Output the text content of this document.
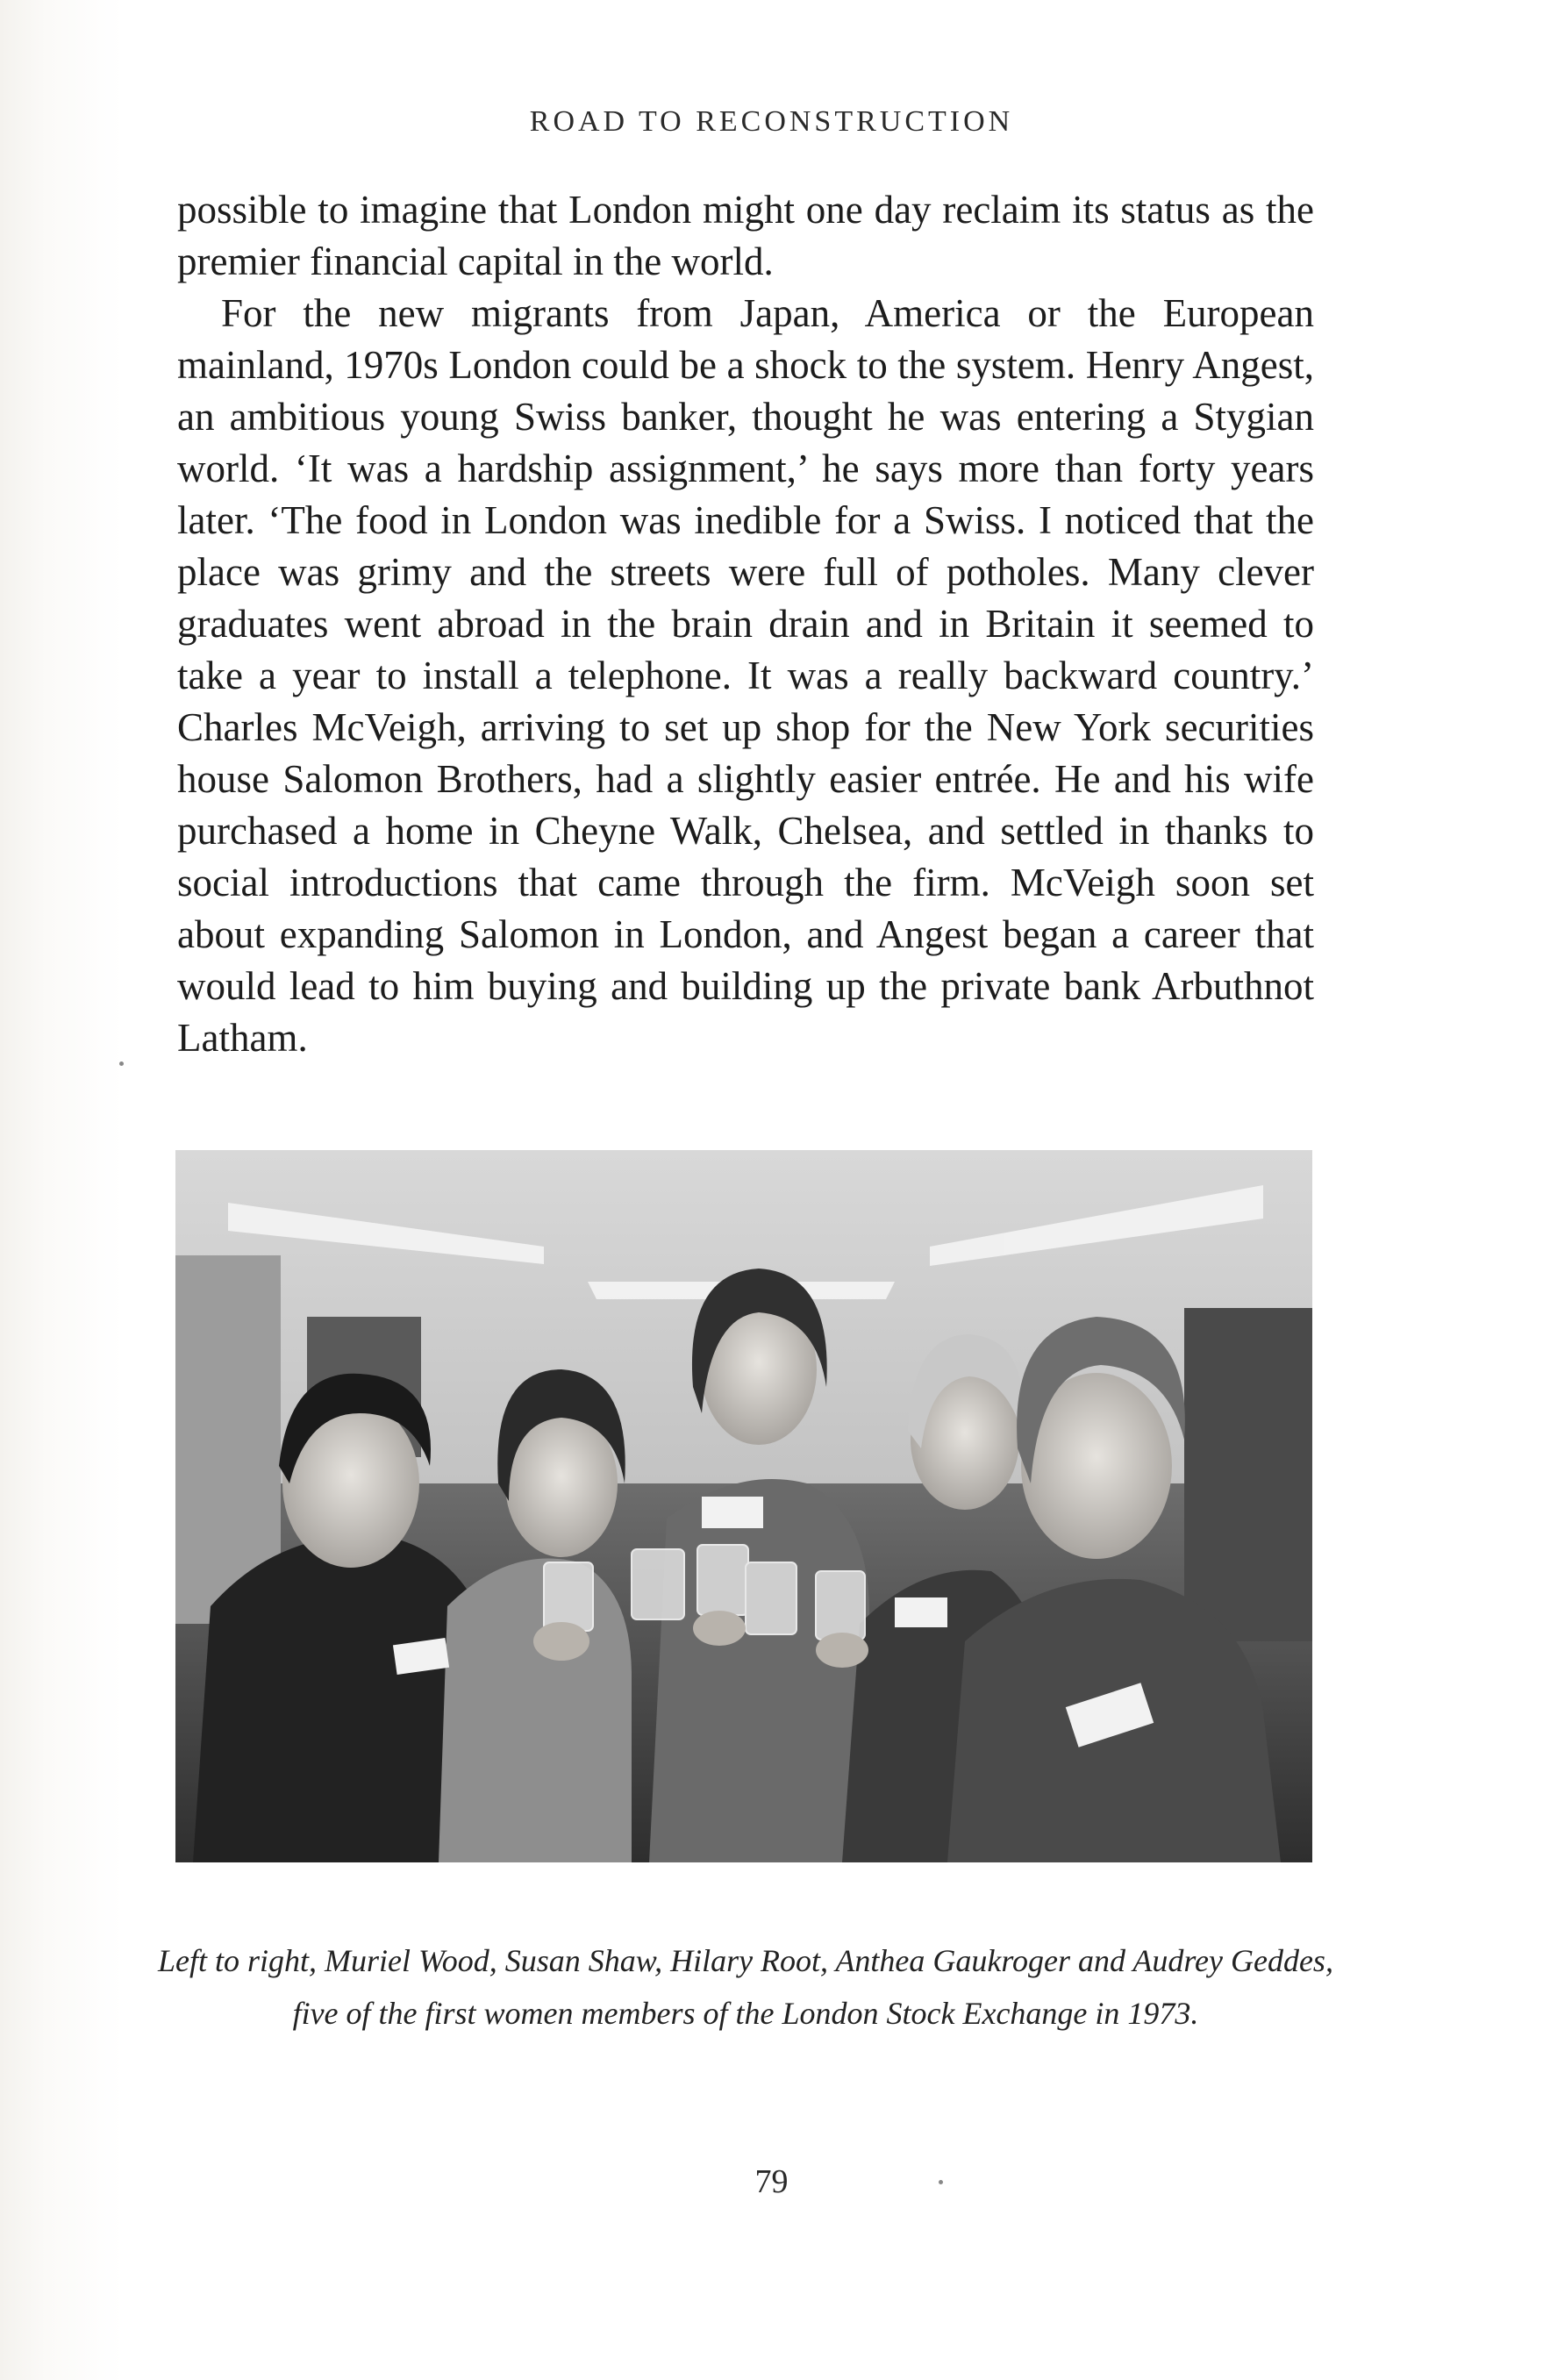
ROAD TO RECONSTRUCTION

possible to imagine that London might one day reclaim its status as the premier financial capital in the world.

For the new migrants from Japan, America or the European mainland, 1970s London could be a shock to the system. Henry Angest, an ambitious young Swiss banker, thought he was entering a Stygian world. ‘It was a hardship assignment,’ he says more than forty years later. ‘The food in London was inedible for a Swiss. I noticed that the place was grimy and the streets were full of potholes. Many clever graduates went abroad in the brain drain and in Britain it seemed to take a year to install a telephone. It was a really backward country.’ Charles McVeigh, arriving to set up shop for the New York securities house Salomon Brothers, had a slightly easier entrée. He and his wife purchased a home in Cheyne Walk, Chelsea, and settled in thanks to social introductions that came through the firm. McVeigh soon set about expanding Salomon in London, and Angest began a career that would lead to him buying and building up the private bank Arbuthnot Latham.

Left to right, Muriel Wood, Susan Shaw, Hilary Root, Anthea Gaukroger and Audrey Geddes, five of the first women members of the London Stock Exchange in 1973.

79
